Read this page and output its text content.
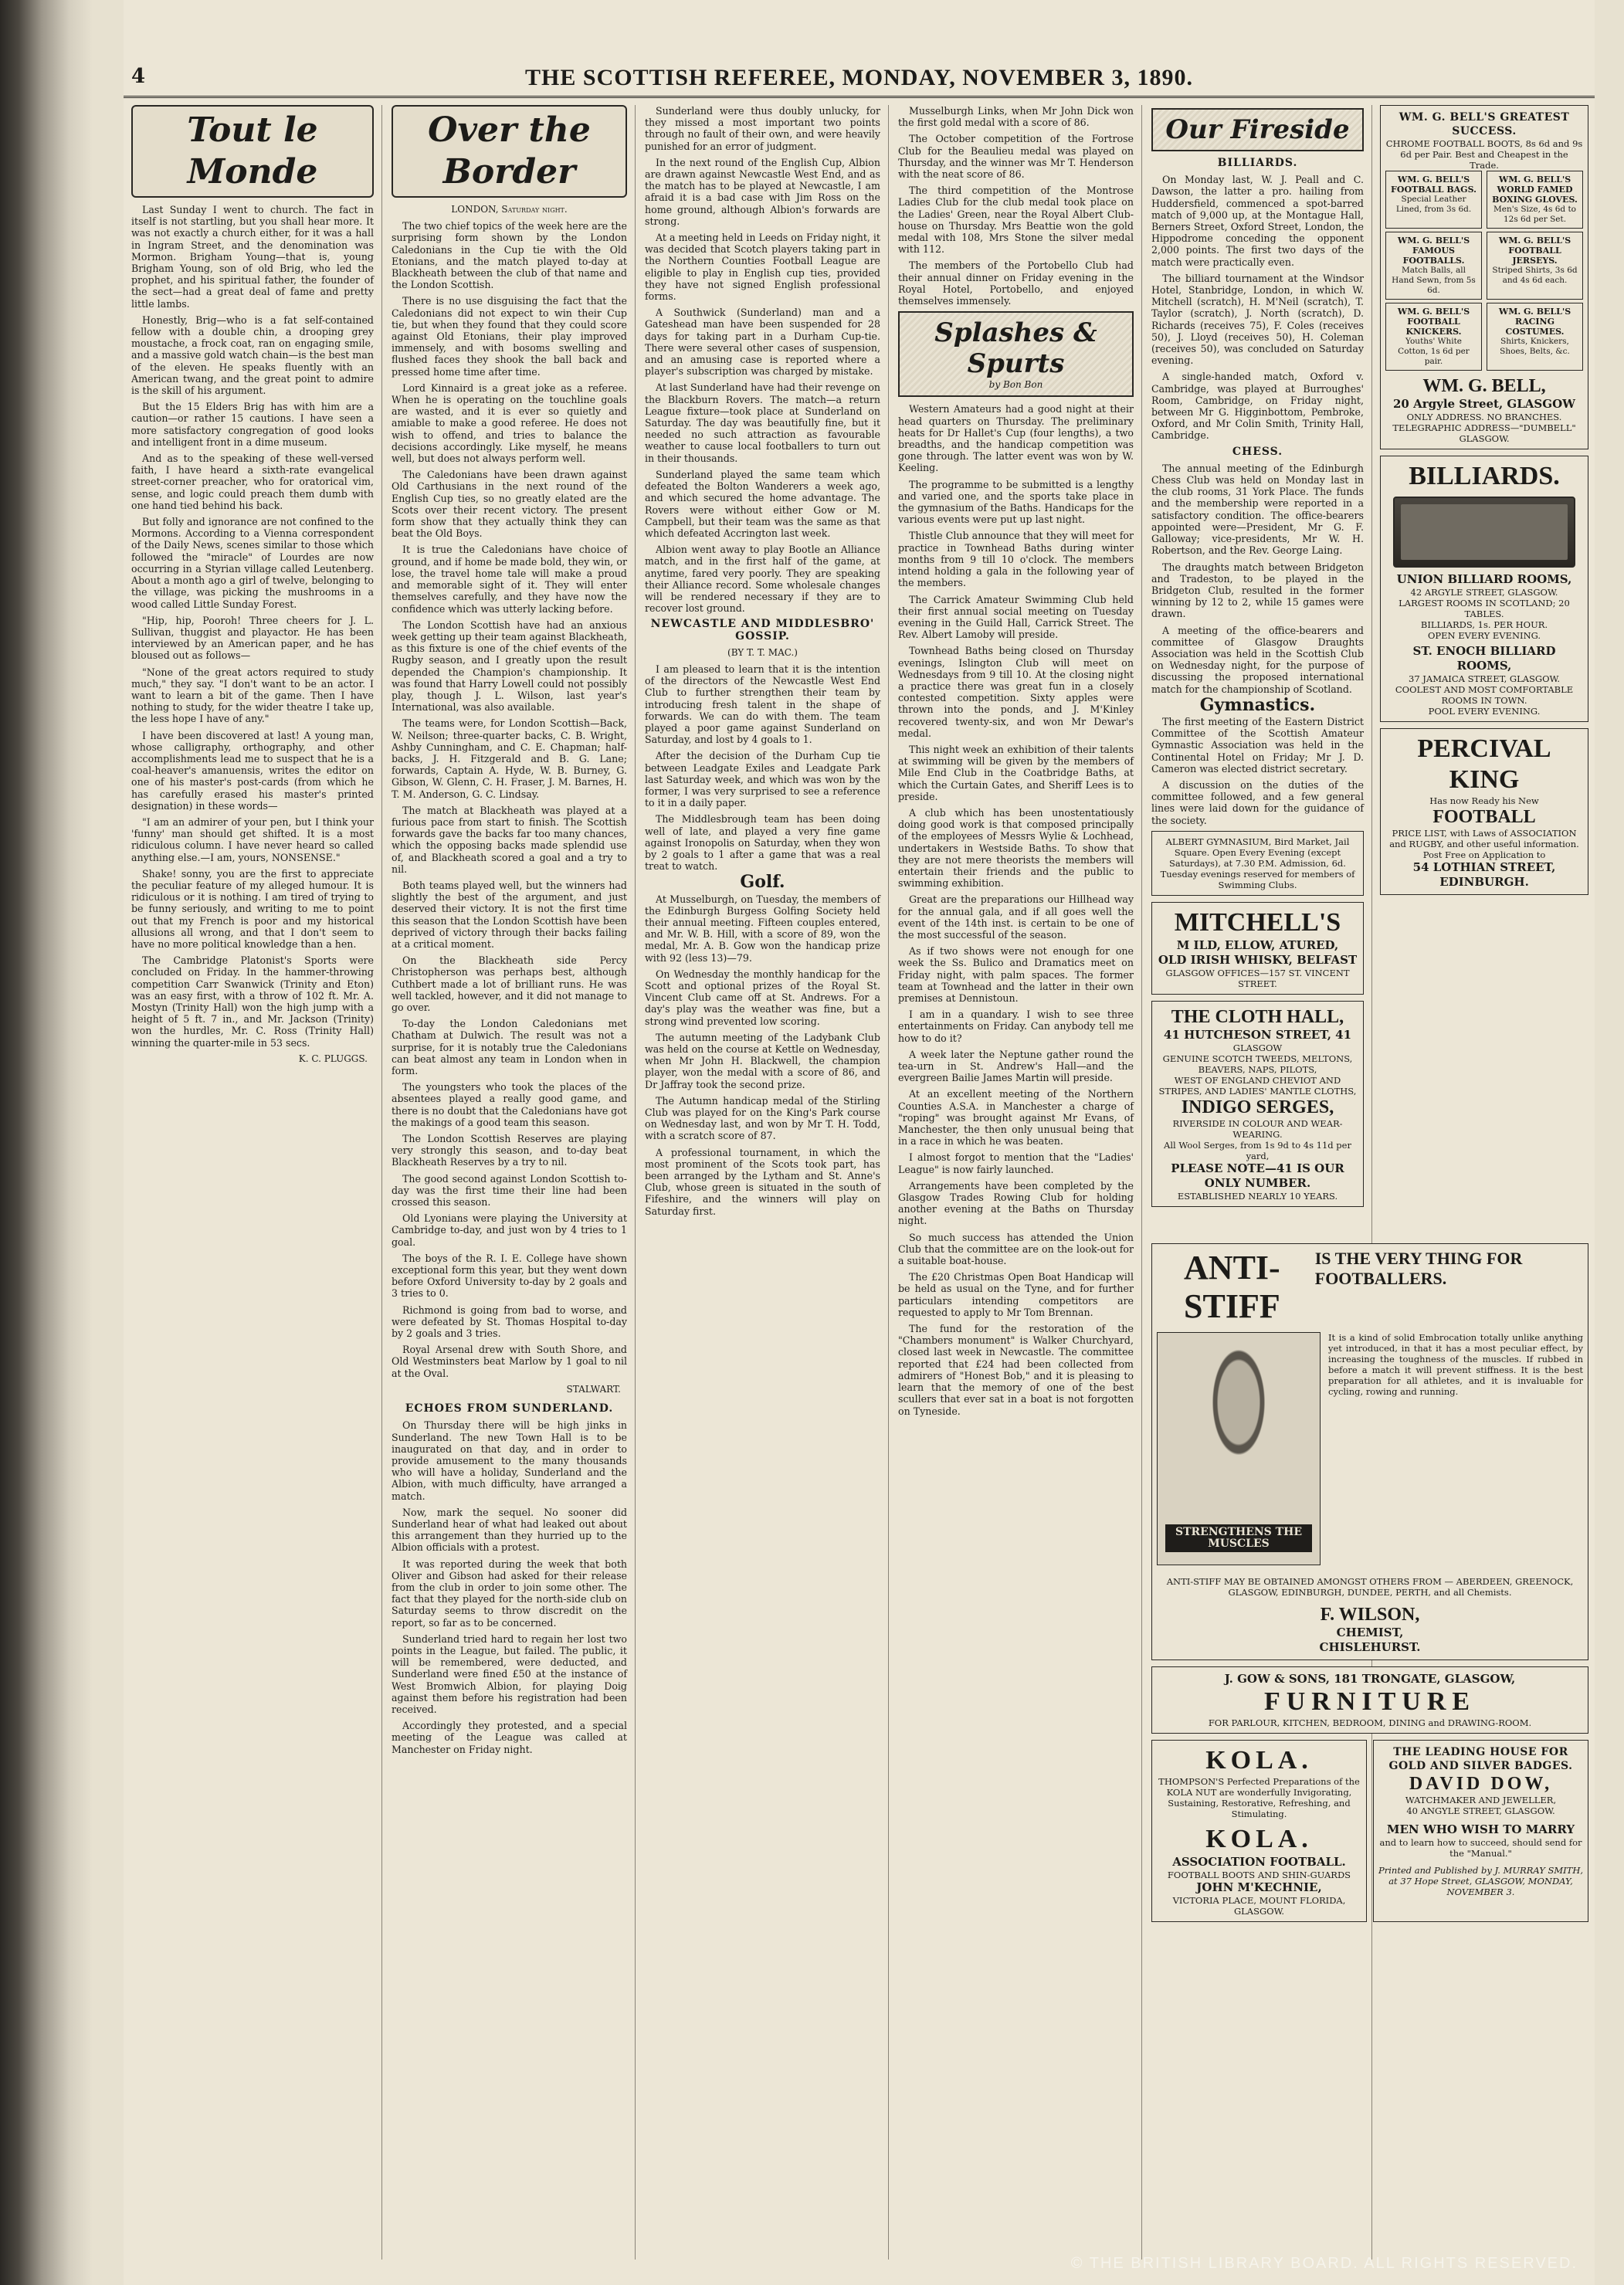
4	THE SCOTTISH REFEREE, MONDAY, NOVEMBER 3, 1890.
Tout le Monde

Last Sunday I went to church. The fact in itself is not startling, but you shall hear more. It was not exactly a church either, for it was a hall in Ingram Street, and the denomination was Mormon. Brigham Young—that is, young Brigham Young, son of old Brig, who led the prophet, and his spiritual father, the founder of the sect—had a great deal of fame and pretty little lambs.

Honestly, Brig—who is a fat self-contained fellow with a double chin, a drooping grey moustache, a frock coat, ran on engaging smile, and a massive gold watch chain—is the best man of the eleven. He speaks fluently with an American twang, and the great point to admire is the skill of his argument.

But the 15 Elders Brig has with him are a caution—or rather 15 cautions. I have seen a more satisfactory congregation of good looks and intelligent front in a dime museum.

And as to the speaking of these well-versed faith, I have heard a sixth-rate evangelical street-corner preacher, who for oratorical vim, sense, and logic could preach them dumb with one hand tied behind his back.

But folly and ignorance are not confined to the Mormons. According to a Vienna correspondent of the Daily News, scenes similar to those which followed the "miracle" of Lourdes are now occurring in a Styrian village called Leutenberg. About a month ago a girl of twelve, belonging to the village, was picking the mushrooms in a wood called Little Sunday Forest.

"Hip, hip, Pooroh! Three cheers for J. L. Sullivan, thuggist and playactor. He has been interviewed by an American paper, and he has bloused out as follows—

"None of the great actors required to study much," they say. "I don't want to be an actor. I want to learn a bit of the game. Then I have nothing to study, for the wider theatre I take up, the less hope I have of any."

I have been discovered at last! A young man, whose calligraphy, orthography, and other accomplishments lead me to suspect that he is a coal-heaver's amanuensis, writes the editor on one of his master's post-cards (from which he has carefully erased his master's printed designation) in these words—

"I am an admirer of your pen, but I think your 'funny' man should get shifted. It is a most ridiculous column. I have never heard so called anything else.—I am, yours, NONSENSE."

Shake! sonny, you are the first to appreciate the peculiar feature of my alleged humour. It is ridiculous or it is nothing. I am tired of trying to be funny seriously, and writing to me to point out that my French is poor and my historical allusions all wrong, and that I don't seem to have no more political knowledge than a hen.

The Cambridge Platonist's Sports were concluded on Friday. In the hammer-throwing competition Carr Swanwick (Trinity and Eton) was an easy first, with a throw of 102 ft. Mr. A. Mostyn (Trinity Hall) won the high jump with a height of 5 ft. 7 in., and Mr. Jackson (Trinity) won the hurdles, Mr. C. Ross (Trinity Hall) winning the quarter-mile in 53 secs.

K. C. PLUGGS.
Over the Border
LONDON, Saturday night.

The two chief topics of the week here are the surprising form shown by the London Caledonians in the Cup tie with the Old Etonians, and the match played to-day at Blackheath between the club of that name and the London Scottish.

There is no use disguising the fact that the Caledonians did not expect to win their Cup tie, but when they found that they could score against Old Etonians, their play improved immensely, and with bosoms swelling and flushed faces they shook the ball back and pressed home time after time.

Lord Kinnaird is a great joke as a referee. When he is operating on the touchline goals are wasted, and it is ever so quietly and amiable to make a good referee. He does not wish to offend, and tries to balance the decisions accordingly. Like myself, he means well, but does not always perform well.

The Caledonians have been drawn against Old Carthusians in the next round of the English Cup ties, so no greatly elated are the Scots over their recent victory. The present form show that they actually think they can beat the Old Boys.

It is true the Caledonians have choice of ground, and if home be made bold, they win, or lose, the travel home tale will make a proud and memorable sight of it. They will enter themselves carefully, and they have now the confidence which was utterly lacking before.

The London Scottish have had an anxious week getting up their team against Blackheath, as this fixture is one of the chief events of the Rugby season, and I greatly upon the result depended the Champion's championship. It was found that Harry Lowell could not possibly play, though J. L. Wilson, last year's International, was also available.

The teams were, for London Scottish—Back, W. Neilson; three-quarter backs, C. B. Wright, Ashby Cunningham, and C. E. Chapman; half-backs, J. H. Fitzgerald and B. G. Lane; forwards, Captain A. Hyde, W. B. Burney, G. Gibson, W. Glenn, C. H. Fraser, J. M. Barnes, H. T. M. Anderson, G. C. Lindsay.

The match at Blackheath was played at a furious pace from start to finish. The Scottish forwards gave the backs far too many chances, which the opposing backs made splendid use of, and Blackheath scored a goal and a try to nil.

Both teams played well, but the winners had slightly the best of the argument, and just deserved their victory. It is not the first time this season that the London Scottish have been deprived of victory through their backs failing at a critical moment.

On the Blackheath side Percy Christopherson was perhaps best, although Cuthbert made a lot of brilliant runs. He was well tackled, however, and it did not manage to go over.

To-day the London Caledonians met Chatham at Dulwich. The result was not a surprise, for it is notably true the Caledonians can beat almost any team in London when in form.

The youngsters who took the places of the absentees played a really good game, and there is no doubt that the Caledonians have got the makings of a good team this season.

The London Scottish Reserves are playing very strongly this season, and to-day beat Blackheath Reserves by a try to nil.

The good second against London Scottish to-day was the first time their line had been crossed this season.

Old Lyonians were playing the University at Cambridge to-day, and just won by 4 tries to 1 goal.

The boys of the R. I. E. College have shown exceptional form this year, but they went down before Oxford University to-day by 2 goals and 3 tries to 0.

Richmond is going from bad to worse, and were defeated by St. Thomas Hospital to-day by 2 goals and 3 tries.

Royal Arsenal drew with South Shore, and Old Westminsters beat Marlow by 1 goal to nil at the Oval.

STALWART.
ECHOES FROM SUNDERLAND.

On Thursday there will be high jinks in Sunderland. The new Town Hall is to be inaugurated on that day, and in order to provide amusement to the many thousands who will have a holiday, Sunderland and the Albion, with much difficulty, have arranged a match.

Now, mark the sequel. No sooner did Sunderland hear of what had leaked out about this arrangement than they hurried up to the Albion officials with a protest.

It was reported during the week that both Oliver and Gibson had asked for their release from the club in order to join some other. The fact that they played for the north-side club on Saturday seems to throw discredit on the report, so far as to be concerned.

Sunderland tried hard to regain her lost two points in the League, but failed. The public, it will be remembered, were deducted, and Sunderland were fined £50 at the instance of West Bromwich Albion, for playing Doig against them before his registration had been received.

Accordingly they protested, and a special meeting of the League was called at Manchester on Friday night.

Sunderland were thus doubly unlucky, for they missed a most important two points through no fault of their own, and were heavily punished for an error of judgment.

In the next round of the English Cup, Albion are drawn against Newcastle West End, and as the match has to be played at Newcastle, I am afraid it is a bad case with Jim Ross on the home ground, although Albion's forwards are strong.

At a meeting held in Leeds on Friday night, it was decided that Scotch players taking part in the Northern Counties Football League are eligible to play in English cup ties, provided they have not signed English professional forms.

A Southwick (Sunderland) man and a Gateshead man have been suspended for 28 days for taking part in a Durham Cup-tie. There were several other cases of suspension, and an amusing case is reported where a player's subscription was charged by mistake.

At last Sunderland have had their revenge on the Blackburn Rovers. The match—a return League fixture—took place at Sunderland on Saturday. The day was beautifully fine, but it needed no such attraction as favourable weather to cause local footballers to turn out in their thousands.

Sunderland played the same team which defeated the Bolton Wanderers a week ago, and which secured the home advantage. The Rovers were without either Gow or M. Campbell, but their team was the same as that which defeated Accrington last week.

Albion went away to play Bootle an Alliance match, and in the first half of the game, at anytime, fared very poorly. They are speaking their Alliance record. Some wholesale changes will be rendered necessary if they are to recover lost ground.

NEWCASTLE AND MIDDLESBRO' GOSSIP.
(BY T. T. MAC.)

I am pleased to learn that it is the intention of the directors of the Newcastle West End Club to further strengthen their team by introducing fresh talent in the shape of forwards. We can do with them. The team played a poor game against Sunderland on Saturday, and lost by 4 goals to 1.

After the decision of the Durham Cup tie between Leadgate Exiles and Leadgate Park last Saturday week, and which was won by the former, I was very surprised to see a reference to it in a daily paper.

The Middlesbrough team has been doing well of late, and played a very fine game against Ironopolis on Saturday, when they won by 2 goals to 1 after a game that was a real treat to watch.

Golf.

At Musselburgh, on Tuesday, the members of the Edinburgh Burgess Golfing Society held their annual meeting. Fifteen couples entered, and Mr. W. B. Hill, with a score of 89, won the medal, Mr. A. B. Gow won the handicap prize with 92 (less 13)—79.

On Wednesday the monthly handicap for the Scott and optional prizes of the Royal St. Vincent Club came off at St. Andrews. For a day's play was the weather was fine, but a strong wind prevented low scoring.

The autumn meeting of the Ladybank Club was held on the course at Kettle on Wednesday, when Mr John H. Blackwell, the champion player, won the medal with a score of 86, and Dr Jaffray took the second prize.

The Autumn handicap medal of the Stirling Club was played for on the King's Park course on Wednesday last, and won by Mr T. H. Todd, with a scratch score of 87.

A professional tournament, in which the most prominent of the Scots took part, has been arranged by the Lytham and St. Anne's Club, whose green is situated in the south of Fifeshire, and the winners will play on Saturday first.

Musselburgh Links, when Mr John Dick won the first gold medal with a score of 86.

The October competition of the Fortrose Club for the Beaulieu medal was played on Thursday, and the winner was Mr T. Henderson with the neat score of 86.

The third competition of the Montrose Ladies Club for the club medal took place on the Ladies' Green, near the Royal Albert Club-house on Thursday. Mrs Beattie won the gold medal with 108, Mrs Stone the silver medal with 112.

The members of the Portobello Club had their annual dinner on Friday evening in the Royal Hotel, Portobello, and enjoyed themselves immensely.

Splashes & Spurts
by Bon Bon

Western Amateurs had a good night at their head quarters on Thursday. The preliminary heats for Dr Hallet's Cup (four lengths), a two breadths, and the handicap competition was gone through. The latter event was won by W. Keeling.

The programme to be submitted is a lengthy and varied one, and the sports take place in the gymnasium of the Baths. Handicaps for the various events were put up last night.

Thistle Club announce that they will meet for practice in Townhead Baths during winter months from 9 till 10 o'clock. The members intend holding a gala in the following year of the members.

The Carrick Amateur Swimming Club held their first annual social meeting on Tuesday evening in the Guild Hall, Carrick Street. The Rev. Albert Lamoby will preside.

Townhead Baths being closed on Thursday evenings, Islington Club will meet on Wednesdays from 9 till 10. At the closing night a practice there was great fun in a closely contested competition. Sixty apples were thrown into the ponds, and J. M'Kinley recovered twenty-six, and won Mr Dewar's medal.

This night week an exhibition of their talents at swimming will be given by the members of Mile End Club in the Coatbridge Baths, at which the Curtain Gates, and Sheriff Lees is to preside.

A club which has been unostentatiously doing good work is that composed principally of the employees of Messrs Wylie & Lochhead, undertakers in Westside Baths. To show that they are not mere theorists the members will entertain their friends and the public to swimming exhibition.

Great are the preparations our Hillhead way for the annual gala, and if all goes well the event of the 14th inst. is certain to be one of the most successful of the season.

As if two shows were not enough for one week the Ss. Bulico and Dramatics meet on Friday night, with palm spaces. The former team at Townhead and the latter in their own premises at Dennistoun.

I am in a quandary. I wish to see three entertainments on Friday. Can anybody tell me how to do it?

A week later the Neptune gather round the tea-urn in St. Andrew's Hall—and the evergreen Bailie James Martin will preside.

At an excellent meeting of the Northern Counties A.S.A. in Manchester a charge of "roping" was brought against Mr Evans, of Manchester, the then only unusual being that in a race in which he was beaten.

I almost forgot to mention that the "Ladies' League" is now fairly launched.

Arrangements have been completed by the Glasgow Trades Rowing Club for holding another evening at the Baths on Thursday night.

So much success has attended the Union Club that the committee are on the look-out for a suitable boat-house.

The £20 Christmas Open Boat Handicap will be held as usual on the Tyne, and for further particulars intending competitors are requested to apply to Mr Tom Brennan.

The fund for the restoration of the "Chambers monument" is Walker Churchyard, closed last week in Newcastle. The committee reported that £24 had been collected from admirers of "Honest Bob," and it is pleasing to learn that the memory of one of the best scullers that ever sat in a boat is not forgotten on Tyneside.

Our Fireside
BILLIARDS.

On Monday last, W. J. Peall and C. Dawson, the latter a pro. hailing from Huddersfield, commenced a spot-barred match of 9,000 up, at the Montague Hall, Berners Street, Oxford Street, London, the Hippodrome conceding the opponent 2,000 points. The first two days of the match were practically even.

The billiard tournament at the Windsor Hotel, Stanbridge, London, in which W. Mitchell (scratch), H. M'Neil (scratch), T. Taylor (scratch), J. North (scratch), D. Richards (receives 75), F. Coles (receives 50), J. Lloyd (receives 50), H. Coleman (receives 50), was concluded on Saturday evening.

A single-handed match, Oxford v. Cambridge, was played at Burroughes' Room, Cambridge, on Friday night, between Mr G. Higginbottom, Pembroke, Oxford, and Mr Colin Smith, Trinity Hall, Cambridge.

CHESS.

The annual meeting of the Edinburgh Chess Club was held on Monday last in the club rooms, 31 York Place. The funds and the membership were reported in a satisfactory condition. The office-bearers appointed were—President, Mr G. F. Galloway; vice-presidents, Mr W. H. Robertson, and the Rev. George Laing.

The draughts match between Bridgeton and Tradeston, to be played in the Bridgeton Club, resulted in the former winning by 12 to 2, while 15 games were drawn.

A meeting of the office-bearers and committee of Glasgow Draughts Association was held in the Scottish Club on Wednesday night, for the purpose of discussing the proposed international match for the championship of Scotland.

Gymnastics.

The first meeting of the Eastern District Committee of the Scottish Amateur Gymnastic Association was held in the Continental Hotel on Friday; Mr J. D. Cameron was elected district secretary.

A discussion on the duties of the committee followed, and a few general lines were laid down for the guidance of the society.

ALBERT GYMNASIUM, Bird Market, Jail Square. Open Every Evening (except Saturdays), at 7.30 P.M. Admission, 6d. Tuesday evenings reserved for members of Swimming Clubs.
MITCHELL'S
M ILD, ELLOW, ATURED,
OLD IRISH WHISKY, BELFAST
GLASGOW OFFICES—157 ST. VINCENT STREET.
THE CLOTH HALL,
41 HUTCHESON STREET, 41
GLASGOW
GENUINE SCOTCH TWEEDS, MELTONS, BEAVERS, NAPS, PILOTS,
WEST OF ENGLAND CHEVIOT AND STRIPES, AND LADIES' MANTLE CLOTHS,
INDIGO SERGES,
RIVERSIDE IN COLOUR AND WEAR-WEARING.
All Wool Serges, from 1s 9d to 4s 11d per yard,
PLEASE NOTE—41 IS OUR ONLY NUMBER.
ESTABLISHED NEARLY 10 YEARS.
WM. G. BELL'S GREATEST SUCCESS.
CHROME FOOTBALL BOOTS, 8s 6d and 9s 6d per Pair. Best and Cheapest in the Trade.
WM. G. BELL'S FOOTBALL BAGS.
Special Leather Lined, from 3s 6d.
WM. G. BELL'S WORLD FAMED BOXING GLOVES.
Men's Size, 4s 6d to 12s 6d per Set.
WM. G. BELL'S FAMOUS FOOTBALLS.
Match Balls, all Hand Sewn, from 5s 6d.
WM. G. BELL'S FOOTBALL JERSEYS.
Striped Shirts, 3s 6d and 4s 6d each.
WM. G. BELL'S FOOTBALL KNICKERS.
Youths' White Cotton, 1s 6d per pair.
WM. G. BELL'S RACING COSTUMES.
Shirts, Knickers, Shoes, Belts, &c.
WM. G. BELL,
20 Argyle Street, GLASGOW
ONLY ADDRESS. NO BRANCHES. TELEGRAPHIC ADDRESS—"DUMBELL" GLASGOW.
BILLIARDS.
UNION BILLIARD ROOMS,
42 ARGYLE STREET, GLASGOW.
LARGEST ROOMS IN SCOTLAND; 20 TABLES.
BILLIARDS, 1s. PER HOUR.
OPEN EVERY EVENING.
ST. ENOCH BILLIARD ROOMS,
37 JAMAICA STREET, GLASGOW.
COOLEST AND MOST COMFORTABLE ROOMS IN TOWN.
POOL EVERY EVENING.
PERCIVAL KING
Has now Ready his New
FOOTBALL
PRICE LIST, with Laws of ASSOCIATION and RUGBY, and other useful information.
Post Free on Application to
54 LOTHIAN STREET, EDINBURGH.
ANTI-STIFF
IS THE VERY THING FOR FOOTBALLERS.
STRENGTHENS THE MUSCLES
It is a kind of solid Embrocation totally unlike anything yet introduced, in that it has a most peculiar effect, by increasing the toughness of the muscles. If rubbed in before a match it will prevent stiffness. It is the best preparation for all athletes, and it is invaluable for cycling, rowing and running.
ANTI-STIFF MAY BE OBTAINED AMONGST OTHERS FROM — ABERDEEN, GREENOCK, GLASGOW, EDINBURGH, DUNDEE, PERTH, and all Chemists.
F. WILSON,
CHEMIST,
CHISLEHURST.
J. GOW & SONS, 181 TRONGATE, GLASGOW,
FURNITURE
FOR PARLOUR, KITCHEN, BEDROOM, DINING and DRAWING-ROOM.
KOLA.
THOMPSON'S Perfected Preparations of the KOLA NUT are wonderfully Invigorating, Sustaining, Restorative, Refreshing, and Stimulating.
KOLA.
ASSOCIATION FOOTBALL.
FOOTBALL BOOTS AND SHIN-GUARDS
JOHN M'KECHNIE,
VICTORIA PLACE, MOUNT FLORIDA, GLASGOW.
THE LEADING HOUSE FOR GOLD AND SILVER BADGES.
DAVID DOW,
WATCHMAKER AND JEWELLER,
40 ANGYLE STREET, GLASGOW.
MEN WHO WISH TO MARRY
and to learn how to succeed, should send for the "Manual."
Printed and Published by J. MURRAY SMITH, at 37 Hope Street, GLASGOW, MONDAY, NOVEMBER 3.
© THE BRITISH LIBRARY BOARD. ALL RIGHTS RESERVED.
